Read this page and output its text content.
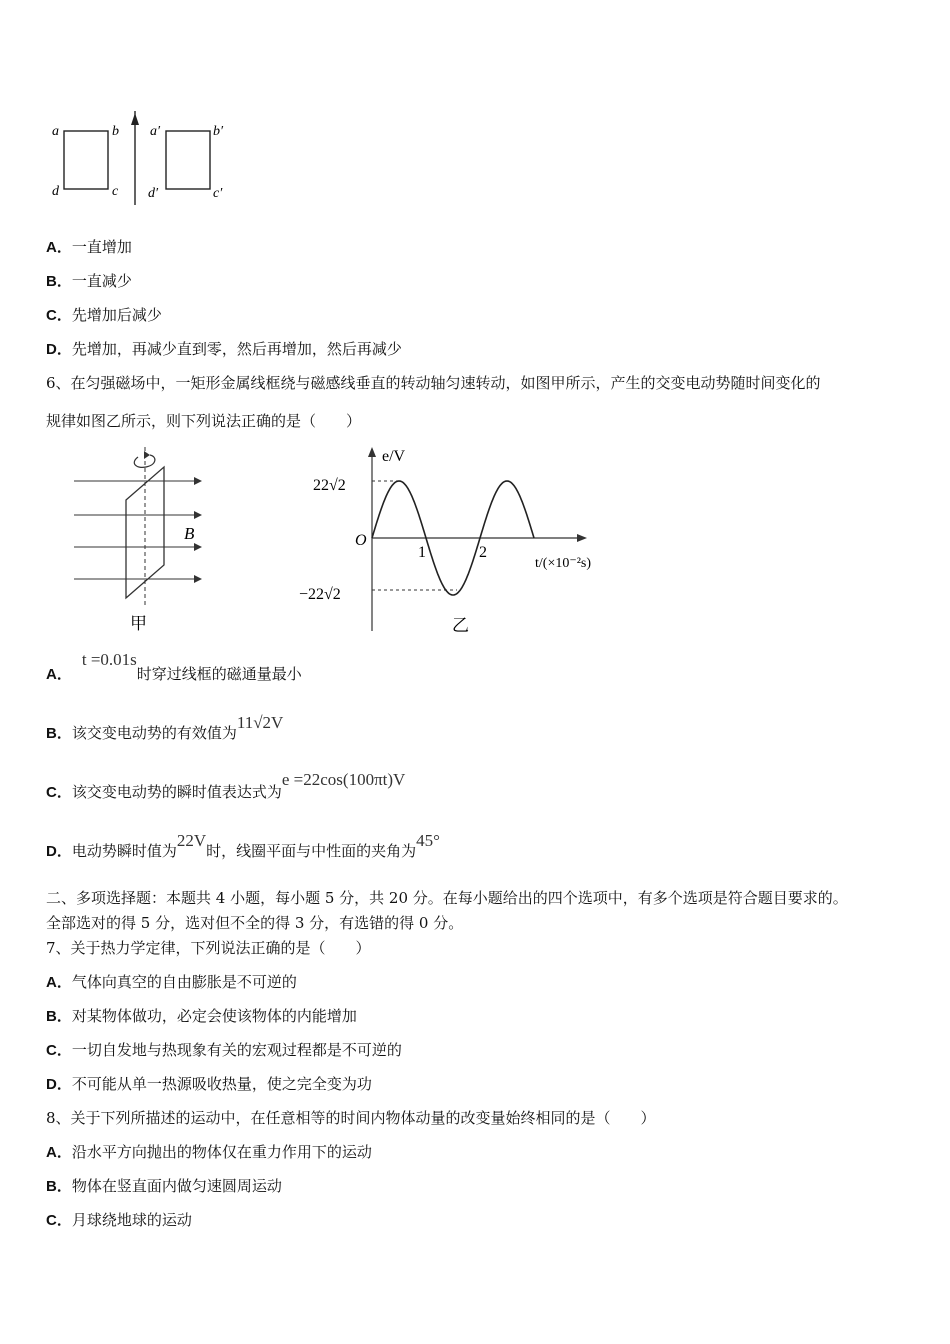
a	b
c
d
a′	b′
c′
d′
A．一直增加
B．一直减少
C．先增加后减少
D．先增加，再减少直到零，然后再增加，然后再减少
6、在匀强磁场中，一矩形金属线框绕与磁感线垂直的转动轴匀速转动，如图甲所示，产生的交变电动势随时间变化的
规律如图乙所示，则下列说法正确的是（　　）
B
甲
e/V
O
22√2
−22√2
1	2
t/(×10⁻²s)
乙
A．t =0.01s时穿过线框的磁通量最小
B．该交变电动势的有效值为11√2V
C．该交变电动势的瞬时值表达式为e =22cos(100πt)V
D．电动势瞬时值为22V时，线圈平面与中性面的夹角为45°
二、多项选择题：本题共 4 小题，每小题 5 分，共 20 分。在每小题给出的四个选项中，有多个选项是符合题目要求的。
全部选对的得 5 分，选对但不全的得 3 分，有选错的得 0 分。
7、关于热力学定律，下列说法正确的是（　　）
A．气体向真空的自由膨胀是不可逆的
B．对某物体做功，必定会使该物体的内能增加
C．一切自发地与热现象有关的宏观过程都是不可逆的
D．不可能从单一热源吸收热量，使之完全变为功
8、关于下列所描述的运动中，在任意相等的时间内物体动量的改变量始终相同的是（　　）
A．沿水平方向抛出的物体仅在重力作用下的运动
B．物体在竖直面内做匀速圆周运动
C．月球绕地球的运动
